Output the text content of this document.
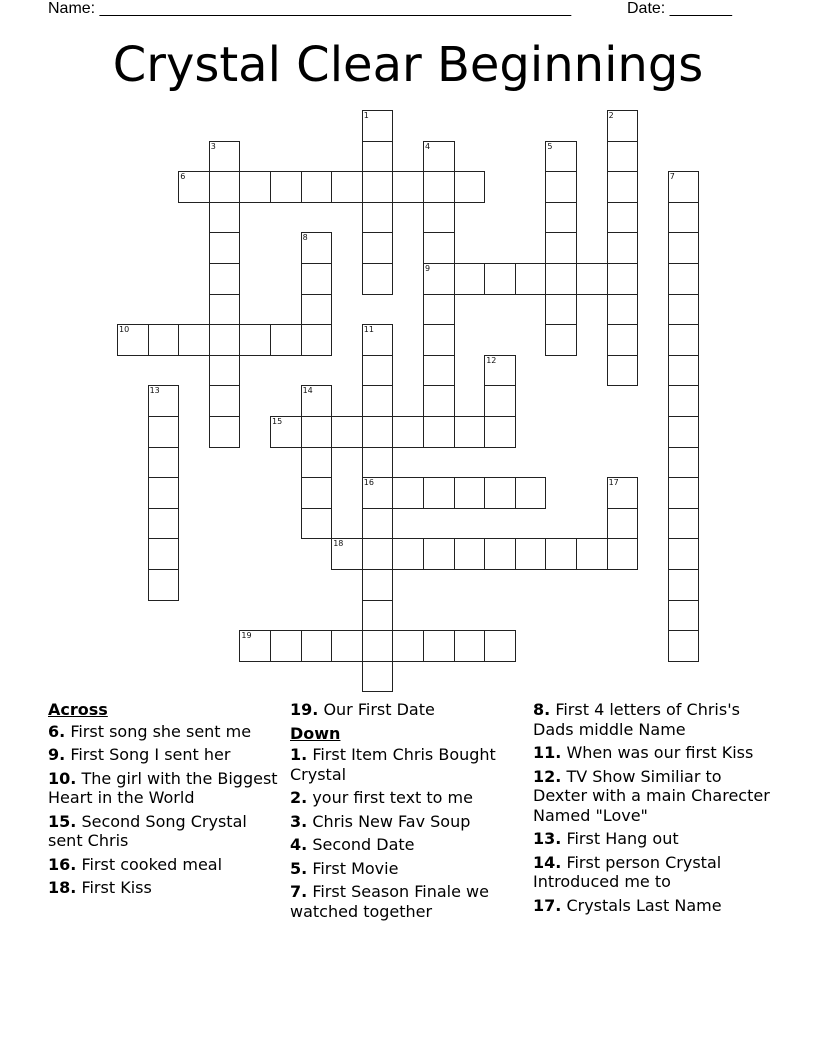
Name: _____________________________________________________	Date: _______
Crystal Clear Beginnings
1	2
3	4
9
5
6	7
8
10	11
16
12
13	14
15
17
18
19
Across
6. First song she sent me
9. First Song I sent her
10. The girl with the Biggest Heart in the World
15. Second Song Crystal sent Chris
16. First cooked meal
18. First Kiss
19. Our First Date
Down
1. First Item Chris Bought Crystal
2. your first text to me
3. Chris New Fav Soup
4. Second Date
5. First Movie
7. First Season Finale we watched together
8. First 4 letters of Chris's Dads middle Name
11. When was our first Kiss
12. TV Show Similiar to Dexter with a main Charecter Named "Love"
13. First Hang out
14. First person Crystal Introduced me to
17. Crystals Last Name
